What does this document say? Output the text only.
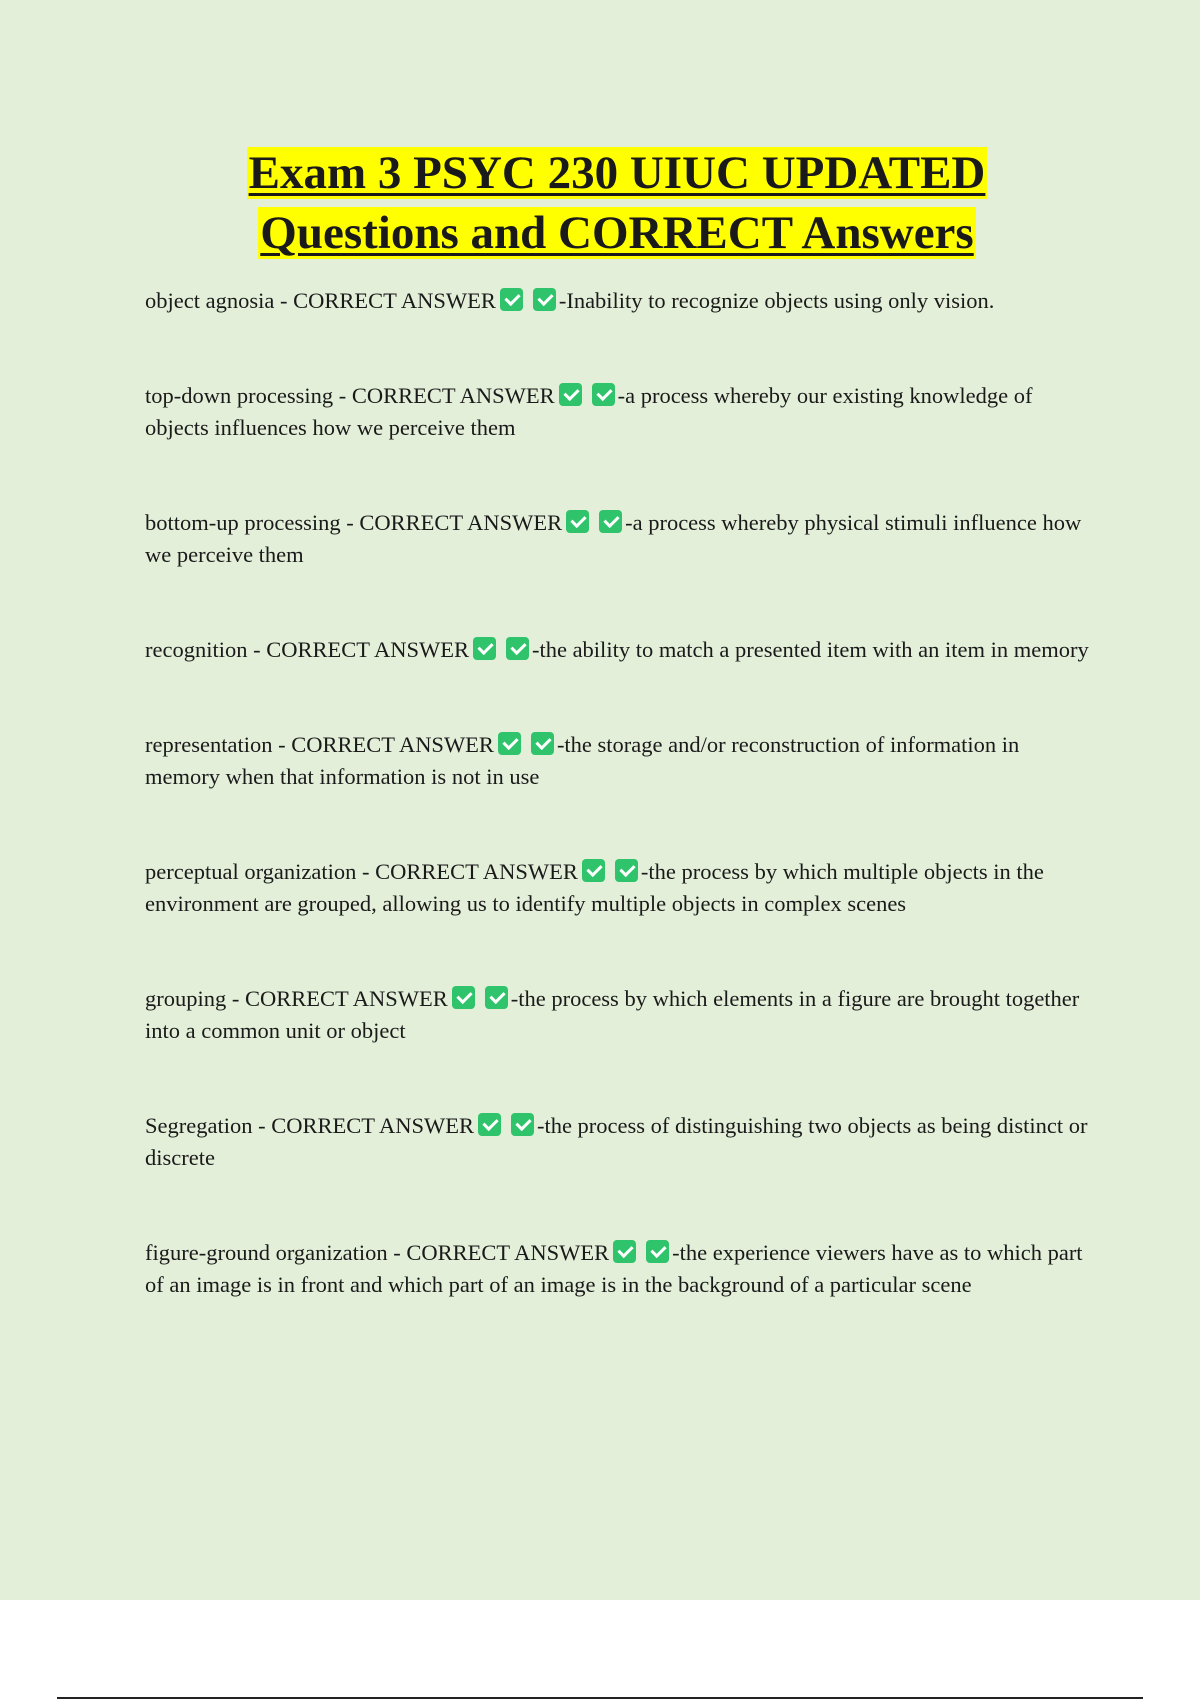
Exam 3 PSYC 230 UIUC UPDATED
Questions and CORRECT Answers

object agnosia - CORRECT ANSWER	-Inability to recognize objects using only vision.

top-down processing - CORRECT ANSWER	-a process whereby our existing knowledge of objects influences how we perceive them

bottom-up processing - CORRECT ANSWER	-a process whereby physical stimuli influence how we perceive them

recognition - CORRECT ANSWER	-the ability to match a presented item with an item in memory

representation - CORRECT ANSWER	-the storage and/or reconstruction of information in memory when that information is not in use

perceptual organization - CORRECT ANSWER	-the process by which multiple objects in the environment are grouped, allowing us to identify multiple objects in complex scenes

grouping - CORRECT ANSWER	-the process by which elements in a figure are brought together into a common unit or object

Segregation - CORRECT ANSWER	-the process of distinguishing two objects as being distinct or discrete

figure-ground organization - CORRECT ANSWER	-the experience viewers have as to which part of an image is in front and which part of an image is in the background of a particular scene
